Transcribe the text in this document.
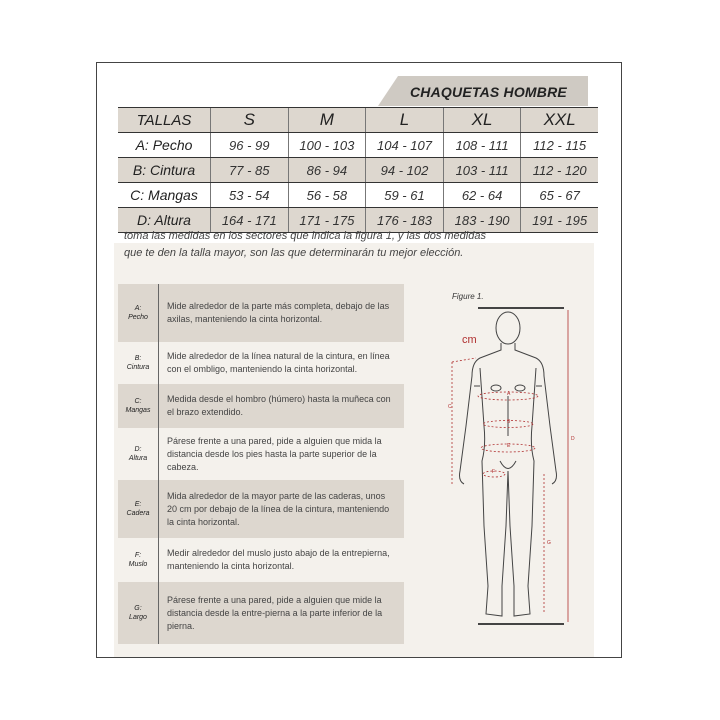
CHAQUETAS HOMBRE
TALLAS	S	M	L	XL	XXL
A: Pecho	96 - 99	100 - 103	104 - 107	108 - 111	112 - 115
B: Cintura	77 - 85	86 - 94	94 - 102	103 - 111	112 - 120
C: Mangas	53 - 54	56 - 58	59 - 61	62 - 64	65 - 67
D: Altura	164 - 171	171 - 175	176 - 183	183 - 190	191 - 195
toma las medidas en los sectores que indica la figura 1, y las dos medidas que te den la talla mayor, son las que determinarán tu mejor elección.
A:
Pecho
Mide alrededor de la parte más completa, debajo de las axilas, manteniendo la cinta horizontal.
B:
Cintura
Mide alrededor de la línea natural de la cintura, en línea con el ombligo, manteniendo la cinta horizontal.
C:
Mangas
Medida desde el hombro (húmero) hasta la muñeca con el brazo extendido.
D:
Altura
Párese frente a una pared, pide a alguien que mida la distancia desde los pies hasta la parte superior de la cabeza.
E:
Cadera
Mida alrededor de la mayor parte de las caderas, unos 20 cm por debajo de la línea de la cintura, manteniendo la cinta horizontal.
F:
Muslo
Medir alrededor del muslo justo abajo de la entrepierna, manteniendo la cinta horizontal.
G:
Largo
Párese frente a una pared, pide a alguien que mide la distancia desde la entre-pierna a la parte inferior de la pierna.
Figure 1.
cm
A
B
C
D
E
F
G
